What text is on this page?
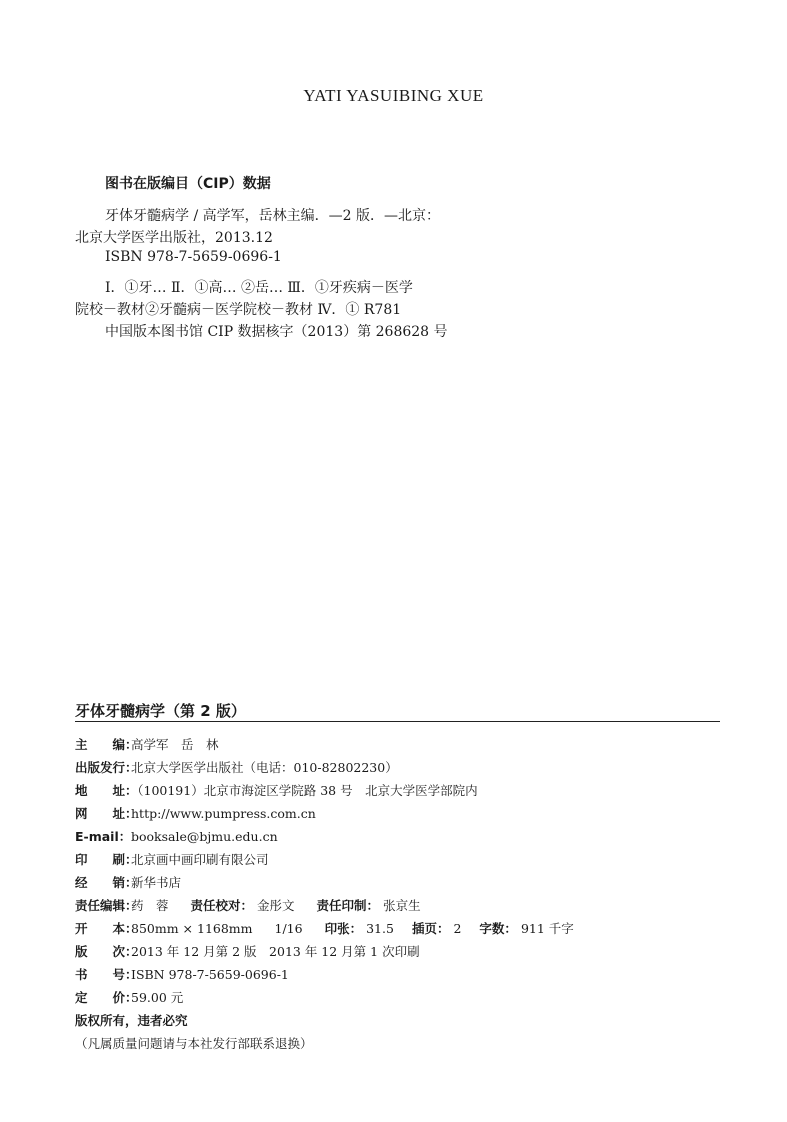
YATI YASUIBING XUE
图书在版编目（CIP）数据
牙体牙髓病学 / 高学军，岳林主编．—2 版．—北京：
北京大学医学出版社，2013.12
ISBN 978-7-5659-0696-1
Ⅰ．①牙… Ⅱ．①高… ②岳… Ⅲ．①牙疾病－医学
院校－教材②牙髓病－医学院校－教材 Ⅳ．① R781
中国版本图书馆 CIP 数据核字（2013）第 268628 号
牙体牙髓病学（第 2 版）
主　　编：
高学军　岳　林
出版发行：
北京大学医学出版社（电话：010-82802230）
地　　址：
（100191）北京市海淀区学院路 38 号　北京大学医学部院内
网　　址：
http://www.pumpress.com.cn
E-mail： booksale@bjmu.edu.cn
印　　刷：
北京画中画印刷有限公司
经　　销：
新华书店
责任编辑：
药　蓉 责任校对： 金彤文 责任印制： 张京生
开　　本：
850mm × 1168mm 1/16 印张： 31.5 插页： 2 字数： 911 千字
版　　次：
2013 年 12 月第 2 版　2013 年 12 月第 1 次印刷
书　　号：
ISBN 978-7-5659-0696-1
定　　价：
59.00 元
版权所有，违者必究
（凡属质量问题请与本社发行部联系退换）
